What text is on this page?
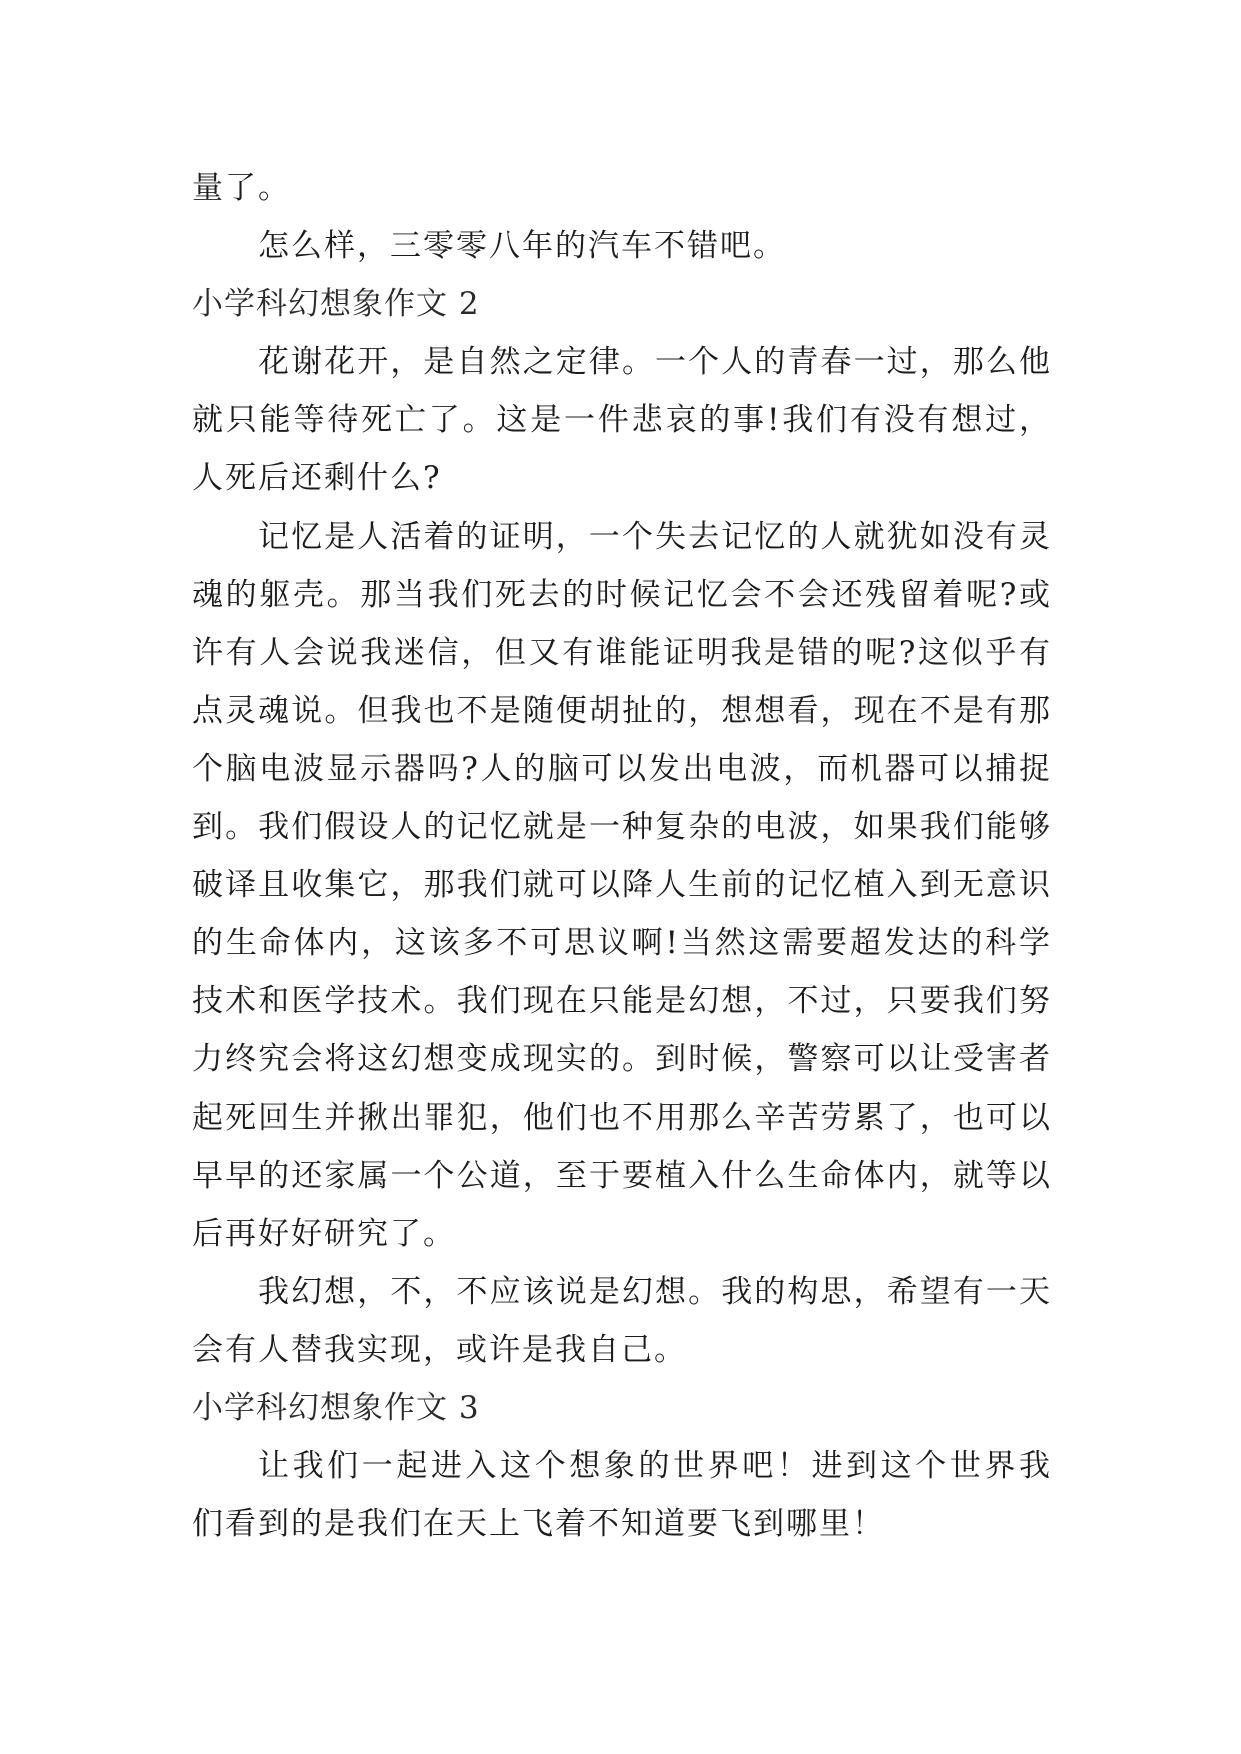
量了。
怎么样，三零零八年的汽车不错吧。
小学科幻想象作文 2
花谢花开，是自然之定律。一个人的青春一过，那么他
就只能等待死亡了。这是一件悲哀的事!我们有没有想过，
人死后还剩什么?
记忆是人活着的证明，一个失去记忆的人就犹如没有灵
魂的躯壳。那当我们死去的时候记忆会不会还残留着呢?或
许有人会说我迷信，但又有谁能证明我是错的呢?这似乎有
点灵魂说。但我也不是随便胡扯的，想想看，现在不是有那
个脑电波显示器吗?人的脑可以发出电波，而机器可以捕捉
到。我们假设人的记忆就是一种复杂的电波，如果我们能够
破译且收集它，那我们就可以降人生前的记忆植入到无意识
的生命体内，这该多不可思议啊!当然这需要超发达的科学
技术和医学技术。我们现在只能是幻想，不过，只要我们努
力终究会将这幻想变成现实的。到时候，警察可以让受害者
起死回生并揪出罪犯，他们也不用那么辛苦劳累了，也可以
早早的还家属一个公道，至于要植入什么生命体内，就等以
后再好好研究了。
我幻想，不，不应该说是幻想。我的构思，希望有一天
会有人替我实现，或许是我自己。
小学科幻想象作文 3
让我们一起进入这个想象的世界吧！进到这个世界我
们看到的是我们在天上飞着不知道要飞到哪里！
